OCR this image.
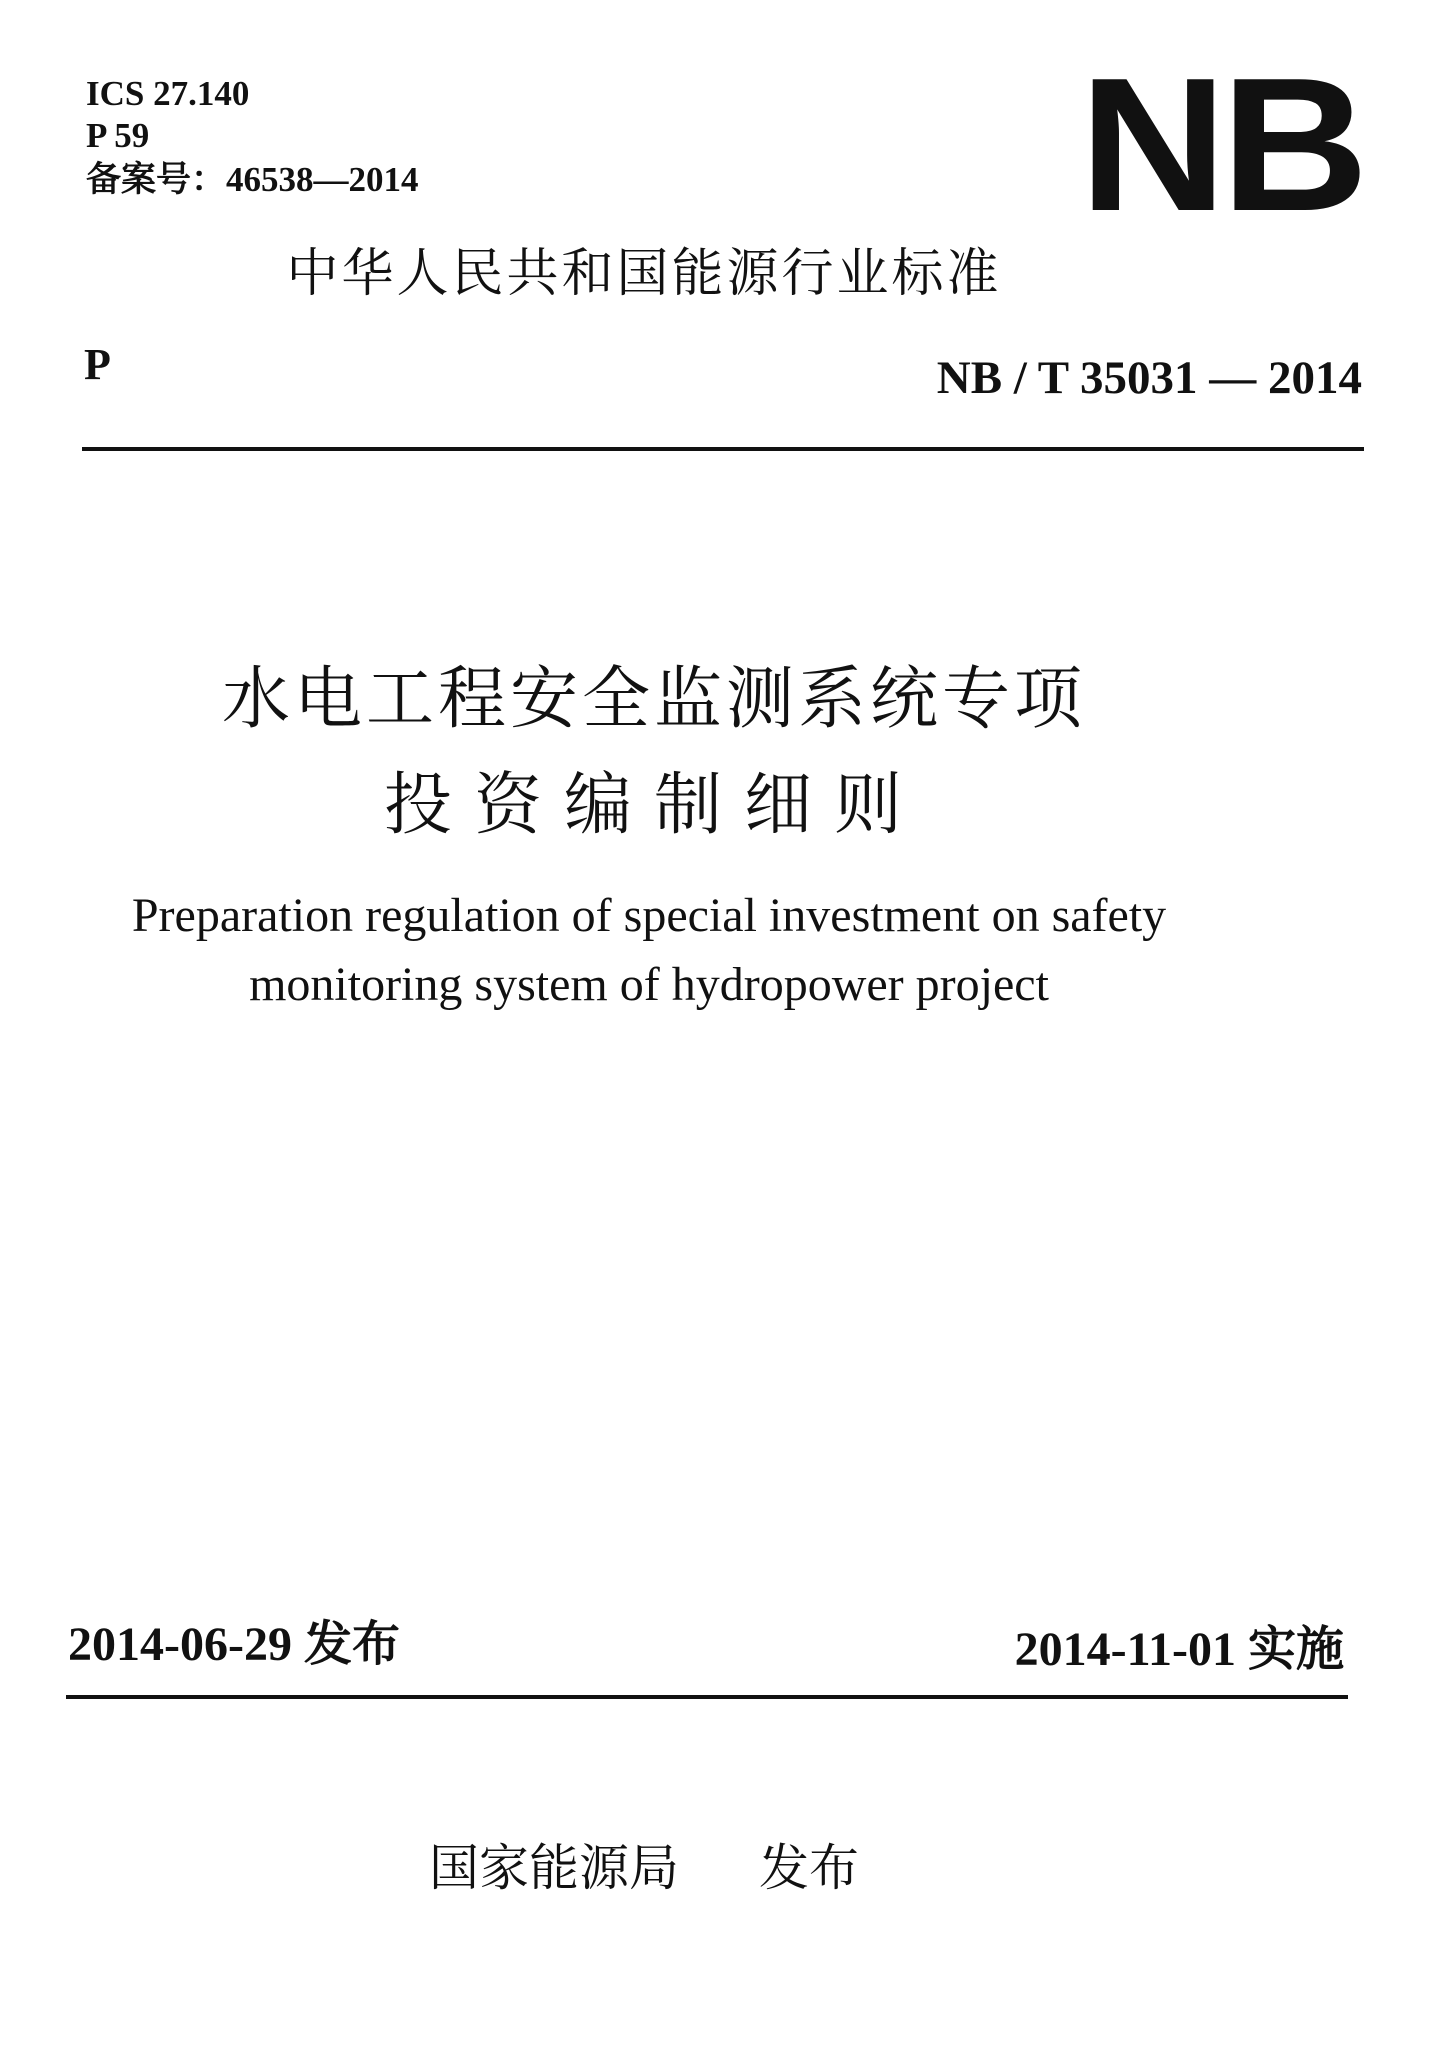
ICS 27.140
P 59
备案号：46538—2014	NB
中华人民共和国能源行业标准
P	NB / T 35031 — 2014
水电工程安全监测系统专项
投资编制细则
Preparation regulation of special investment on safety
monitoring system of hydropower project
2014-06-29 发布	2014-11-01 实施
国家能源局 发布
